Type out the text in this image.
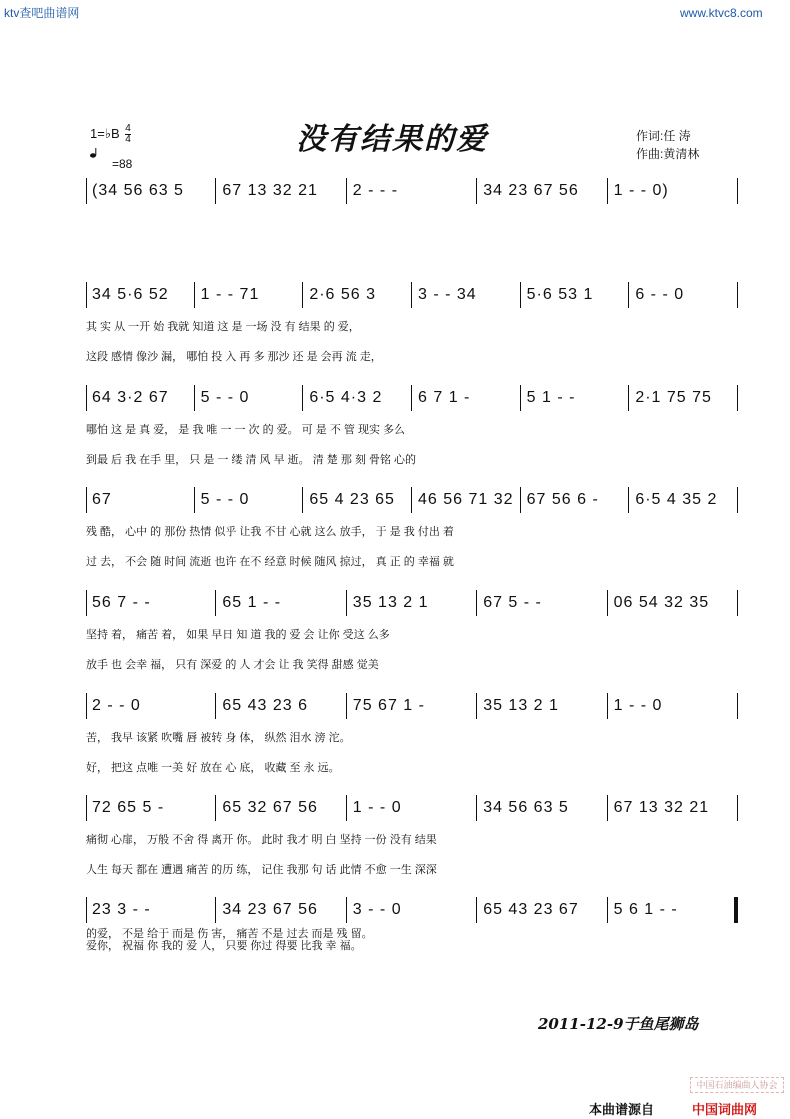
ktv查吧曲谱网	www.ktvc8.com
没有结果的爱	作词:任 涛
作曲:黄清林
1=♭B $\frac{4}{4}$
=88
(34 56 63 5 67 13 32 21 2 - - -	34 23 67 56 1 - - 0)
34 5·6 52 1 - - 71	2·6 56 3	3 - - 34	5·6 53 1	6 - - 0
其 实 从 一开 始 我就 知道 这 是 一场 没 有 结果 的 爱，
这段 感情 像沙 漏， 哪怕 投 入 再 多 那沙 还 是 会再 流 走，
64 3·2 67 5 - - 0	6·5 4·3 2 6 7 1 -	5 1 - -	2·1 75 75
哪怕 这 是 真 爱， 是 我 唯 一 一 次 的 爱。 可 是 不 管 现实 多么
到最 后 我 在手 里， 只 是 一 缕 清 风 早 逝。 清 楚 那 刻 骨铭 心的
67	5 - - 0	65 4 23 65 46 56 71 32 67 56 6 - 6·5 4 35 2
残 酷， 心中 的 那份 热情 似乎 让我 不甘 心就 这么 放手， 于 是 我 付出 着
过 去， 不会 随 时间 流逝 也许 在不 经意 时候 随风 掠过， 真 正 的 幸福 就
56 7 - -	65 1 - -	35 13 2 1	67 5 - -	06 54 32 35
坚持 着， 痛苦 着， 如果 早日 知 道 我的 爱 会 让你 受这 么多
放手 也 会幸 福， 只有 深爱 的 人 才会 让 我 笑得 甜感 觉美
2 - - 0	65 43 23 6	75 67 1 -	35 13 2 1	1 - - 0
苦， 我早 该紧 吹嘴 唇 被转 身 体， 纵然 泪水 滂 沱。
好， 把这 点唯 一美 好 放在 心 底， 收藏 至 永 远。
72 65 5 -	65 32 67 56 1 - - 0	34 56 63 5	67 13 32 21
痛彻 心扉， 万般 不舍 得 离开 你。 此时 我才 明 白 坚持 一份 没有 结果
人生 每天 都在 遭遇 痛苦 的历 练， 记住 我那 句 话 此情 不愈 一生 深深
23 3 - -	34 23 67 56 3 - - 0	65 43 23 67 5 6 1 - -
的爱， 不是 给于 而是 伤 害， 痛苦 不是 过去 而是 残 留。
爱你， 祝福 你 我的 爱 人， 只要 你过 得要 比我 幸 福。
2011-12-9于鱼尾狮岛
中国石油编曲人协会
本曲谱源自	中国词曲网
